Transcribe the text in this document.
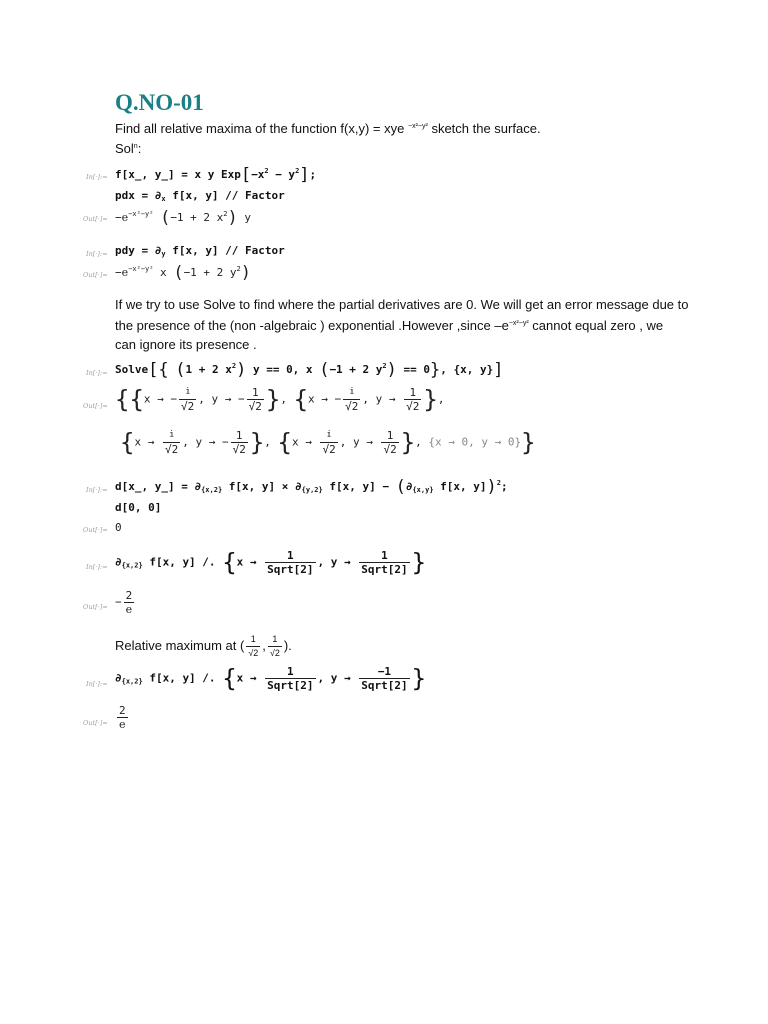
Q.NO-01
Find all relative maxima of the function f(x,y) = xye $^{-x^2-y^2}$ sketch the surface.
Sol$^n$:
In[·]:= f[x_, y_] = x y $Exp[-x^2 - y^2]$;
pdx = $\partial_x$ f[x, y] // Factor
$Out[\cdot]= -e^{-x^2-y^2}$ (−1 + 2 $x^2$) y
In[·]:= pdy = $\partial_y$ f[x, y] // Factor
$Out[\cdot]= -e^{-x^2-y^2}$ x (−1 + 2 $y^2$)
If we try to use Solve to find where the partial derivatives are 0. We will get an error message due to
the presence of the (non -algebraic ) exponential .However ,since $-e^{-x^2-y^2}$ cannot equal zero , we
can ignore its presence .
In[·]:= Solve[{ (1 + 2 $x^2$) y == 0, x (−1 + 2 $y^2) == 0$}, {x, y}]
Out[·]= {{x → − $\frac{\text{𝕚}}{√2}$ , y → − $\frac{1}{√2}$ }, {x → − $\frac{\text{𝕚}}{√2}$ , $y \to \frac{1}{√2}$ },
{$x \to \frac{\text{𝕚}}{√2}$ , y → − $\frac{1}{√2}$ }, {$x \to \frac{\text{𝕚}}{√2}$ , $y \to \frac{1}{√2}$ }, {x → 0, y → 0}}
In[·]:= d[x_, y_] = $\partial_{\{x,2\}}$ f[x, $y] \times \partial_{\{y,2\}}$ f[x, $y] - (\partial_{\{x,y\}}$ f[x, y])$^2$;
d[0, 0]
Out[·]= 0
In[·]:= $\partial_{\{x,2\}}$ f[x, y] /. {$x \to \frac{1}{\text{Sqrt[2]}}$ , $y \to \frac{1}{\text{Sqrt[2]}}$ }
$Out[\cdot]= - \frac{2}{e}$
Relative maximum at ( $\frac{1}{√2}$ , $\frac{1}{√2}$ ).
In[·]:= $\partial_{\{x,2\}}$ f[x, y] /. {$x \to \frac{1}{\text{Sqrt[2]}}$ , $y \to \frac{-1}{\text{Sqrt[2]}}$ }
$Out[\cdot]= \frac{2}{e}$
